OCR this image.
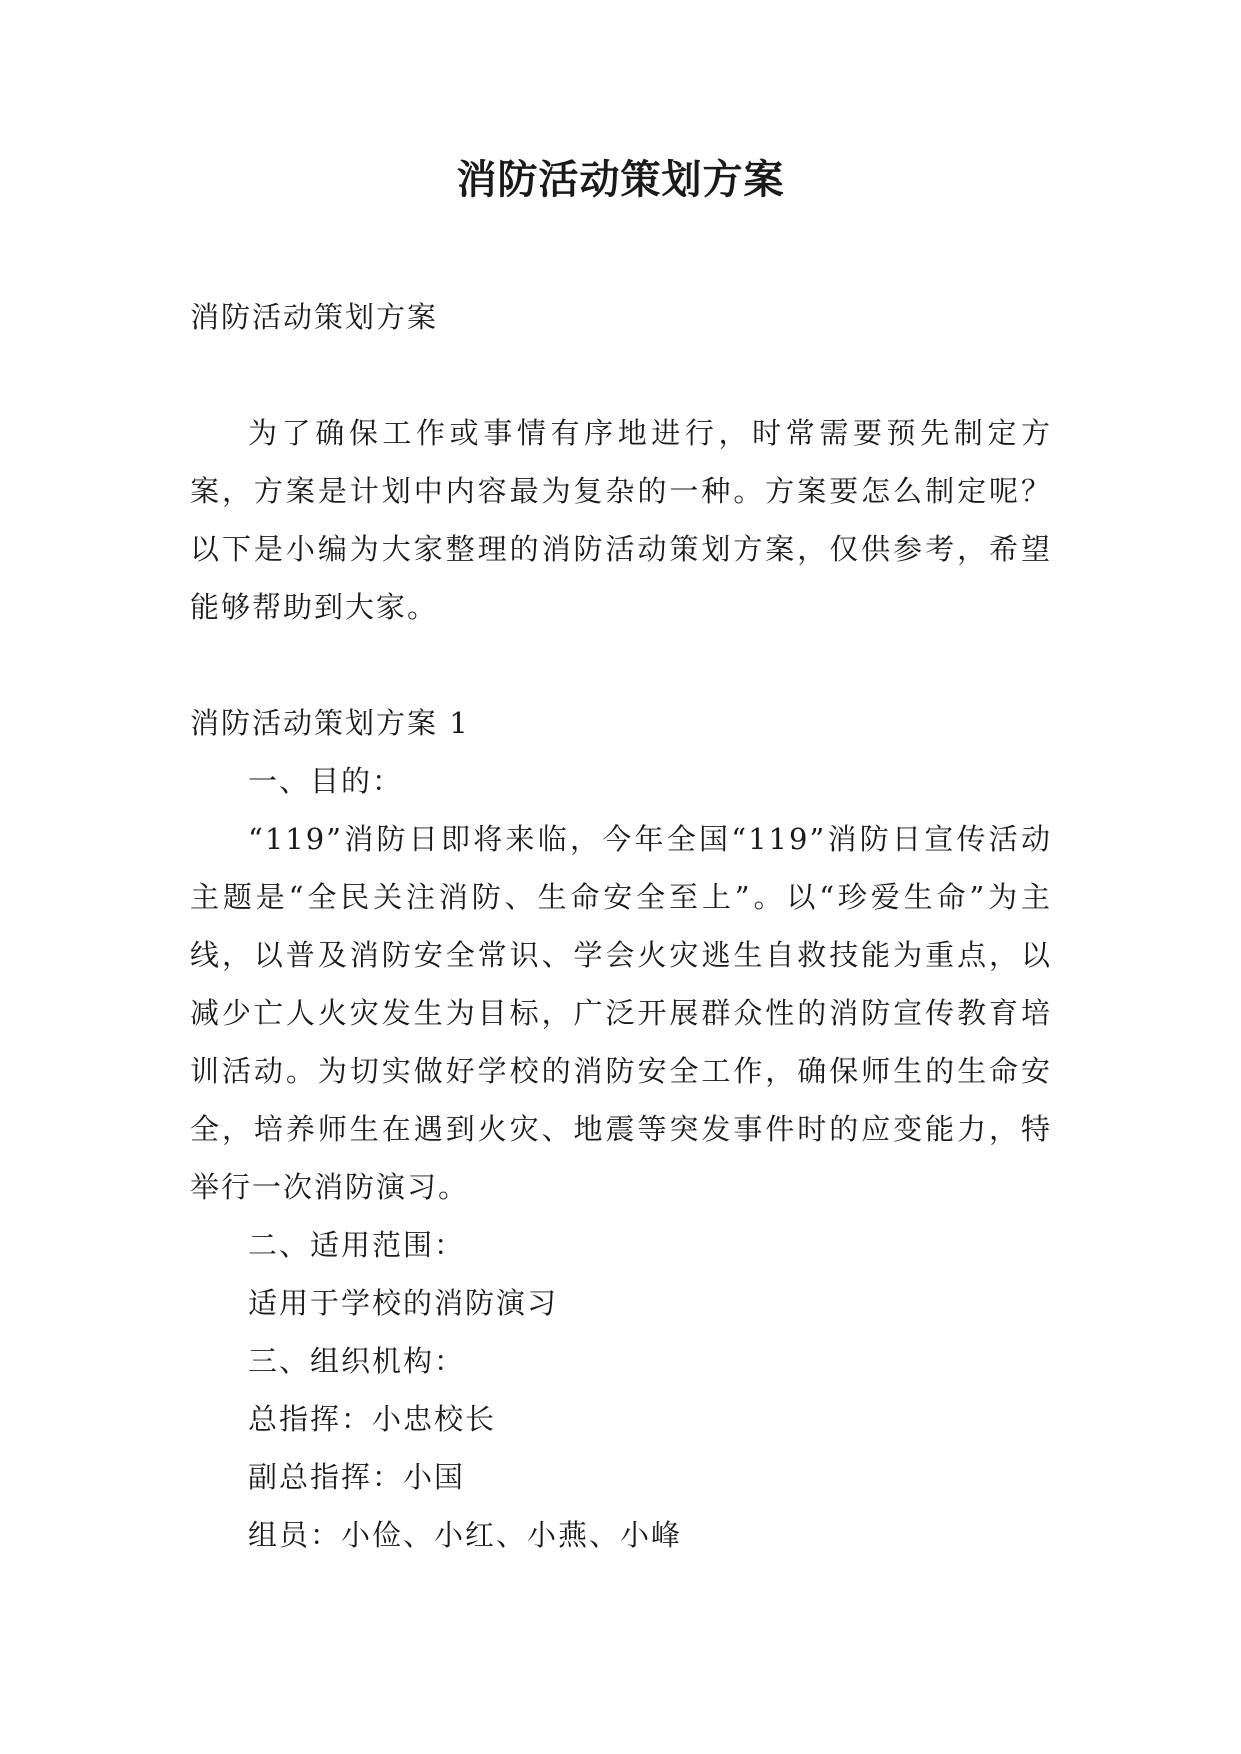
消防活动策划方案

消防活动策划方案

为了确保工作或事情有序地进行，时常需要预先制定方案，方案是计划中内容最为复杂的一种。方案要怎么制定呢？以下是小编为大家整理的消防活动策划方案，仅供参考，希望能够帮助到大家。

消防活动策划方案 1

一、目的：

“119”消防日即将来临，今年全国“119”消防日宣传活动主题是“全民关注消防、生命安全至上”。以“珍爱生命”为主线，以普及消防安全常识、学会火灾逃生自救技能为重点，以减少亡人火灾发生为目标，广泛开展群众性的消防宣传教育培训活动。为切实做好学校的消防安全工作，确保师生的生命安全，培养师生在遇到火灾、地震等突发事件时的应变能力，特举行一次消防演习。

二、适用范围：

适用于学校的消防演习

三、组织机构：

总指挥：小忠校长

副总指挥：小国

组员：小俭、小红、小燕、小峰
